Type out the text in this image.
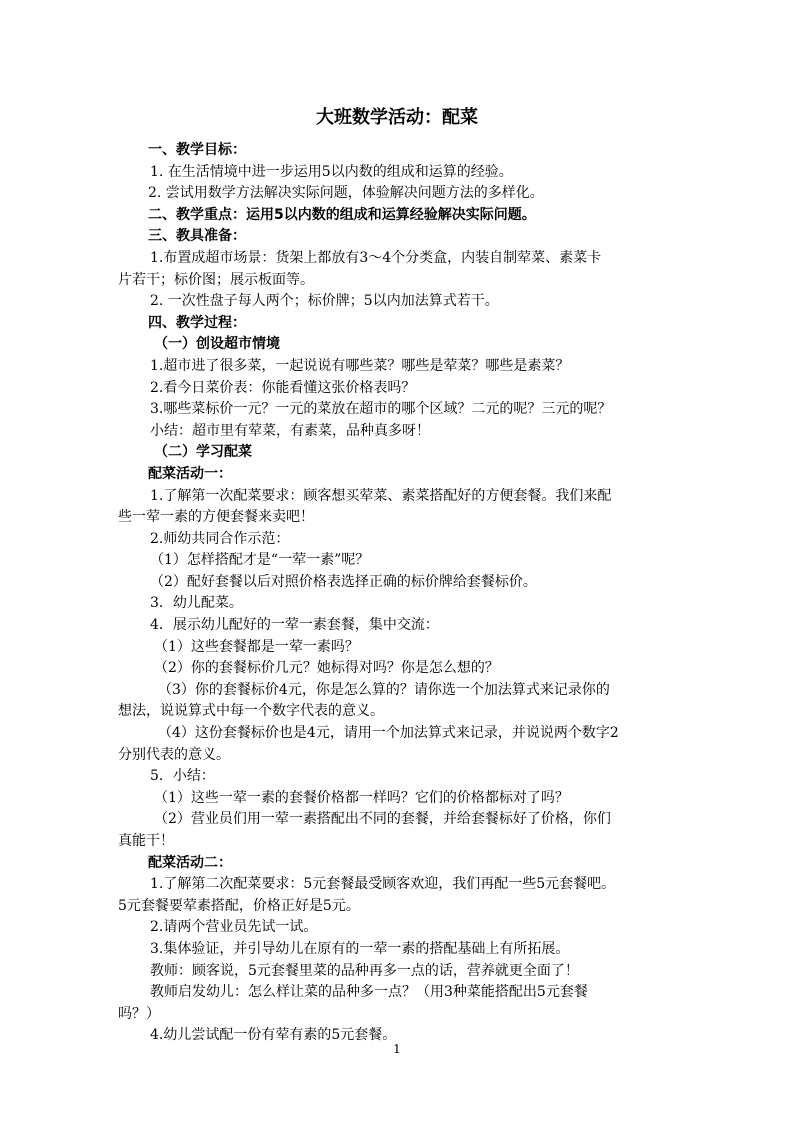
大班数学活动：配菜
一、教学目标：
1. 在生活情境中进一步运用5以内数的组成和运算的经验。
2. 尝试用数学方法解决实际问题，体验解决问题方法的多样化。
二、教学重点：运用5以内数的组成和运算经验解决实际问题。
三、教具准备：
1.布置成超市场景：货架上都放有3～4个分类盒，内装自制荤菜、素菜卡
片若干；标价图；展示板面等。
2. 一次性盘子每人两个；标价牌；5以内加法算式若干。
四、教学过程：
（一）创设超市情境
1.超市进了很多菜，一起说说有哪些菜？哪些是荤菜？哪些是素菜？
2.看今日菜价表：你能看懂这张价格表吗？
3.哪些菜标价一元？一元的菜放在超市的哪个区域？二元的呢？三元的呢？
小结：超市里有荤菜，有素菜，品种真多呀！
（二）学习配菜
配菜活动一：
1.了解第一次配菜要求：顾客想买荤菜、素菜搭配好的方便套餐。我们来配
些一荤一素的方便套餐来卖吧！
2.师幼共同合作示范：
（1）怎样搭配才是“一荤一素”呢？
（2）配好套餐以后对照价格表选择正确的标价牌给套餐标价。
3．幼儿配菜。
4．展示幼儿配好的一荤一素套餐，集中交流：
（1）这些套餐都是一荤一素吗？
（2）你的套餐标价几元？她标得对吗？你是怎么想的？
（3）你的套餐标价4元，你是怎么算的？请你选一个加法算式来记录你的
想法，说说算式中每一个数字代表的意义。
（4）这份套餐标价也是4元，请用一个加法算式来记录，并说说两个数字2
分别代表的意义。
5．小结：
（1）这些一荤一素的套餐价格都一样吗？它们的价格都标对了吗？
（2）营业员们用一荤一素搭配出不同的套餐，并给套餐标好了价格，你们
真能干！
配菜活动二：
1.了解第二次配菜要求：5元套餐最受顾客欢迎，我们再配一些5元套餐吧。
5元套餐要荤素搭配，价格正好是5元。
2.请两个营业员先试一试。
3.集体验证，并引导幼儿在原有的一荤一素的搭配基础上有所拓展。
教师：顾客说，5元套餐里菜的品种再多一点的话，营养就更全面了！
教师启发幼儿：怎么样让菜的品种多一点？（用3种菜能搭配出5元套餐
吗？）
4.幼儿尝试配一份有荤有素的5元套餐。
1
